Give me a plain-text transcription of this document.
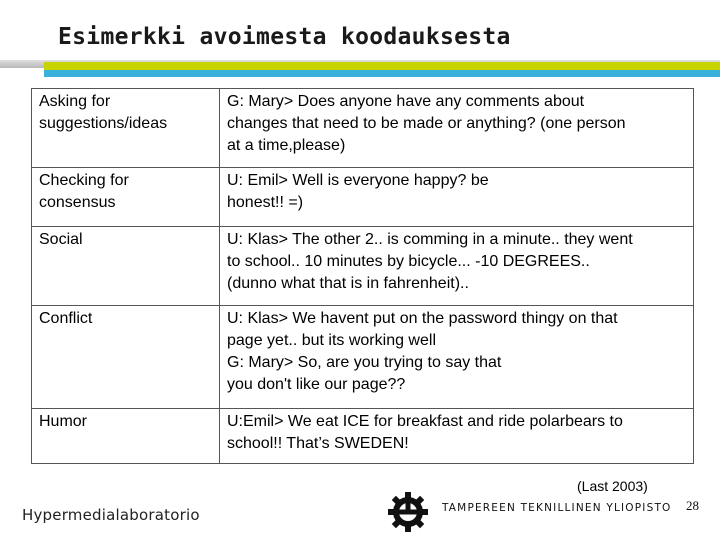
Esimerkki avoimesta koodauksesta
Asking for
suggestions/ideas	G: Mary> Does anyone have any comments about
changes that need to be made or anything? (one person
at a time,please)
Checking for
consensus	U: Emil> Well is everyone happy? be
honest!! =)
Social	U: Klas> The other 2.. is comming in a minute.. they went
to school.. 10 minutes by bicycle... -10 DEGREES..
(dunno what that is in fahrenheit)..
Conflict	U: Klas> We havent put on the password thingy on that
page yet.. but its working well
G: Mary> So, are you trying to say that
you don't like our page??
Humor	U:Emil> We eat ICE for breakfast and ride polarbears to
school!! That’s SWEDEN!
(Last 2003)
Hypermedialaboratorio	TAMPEREEN TEKNILLINEN YLIOPISTO 28
